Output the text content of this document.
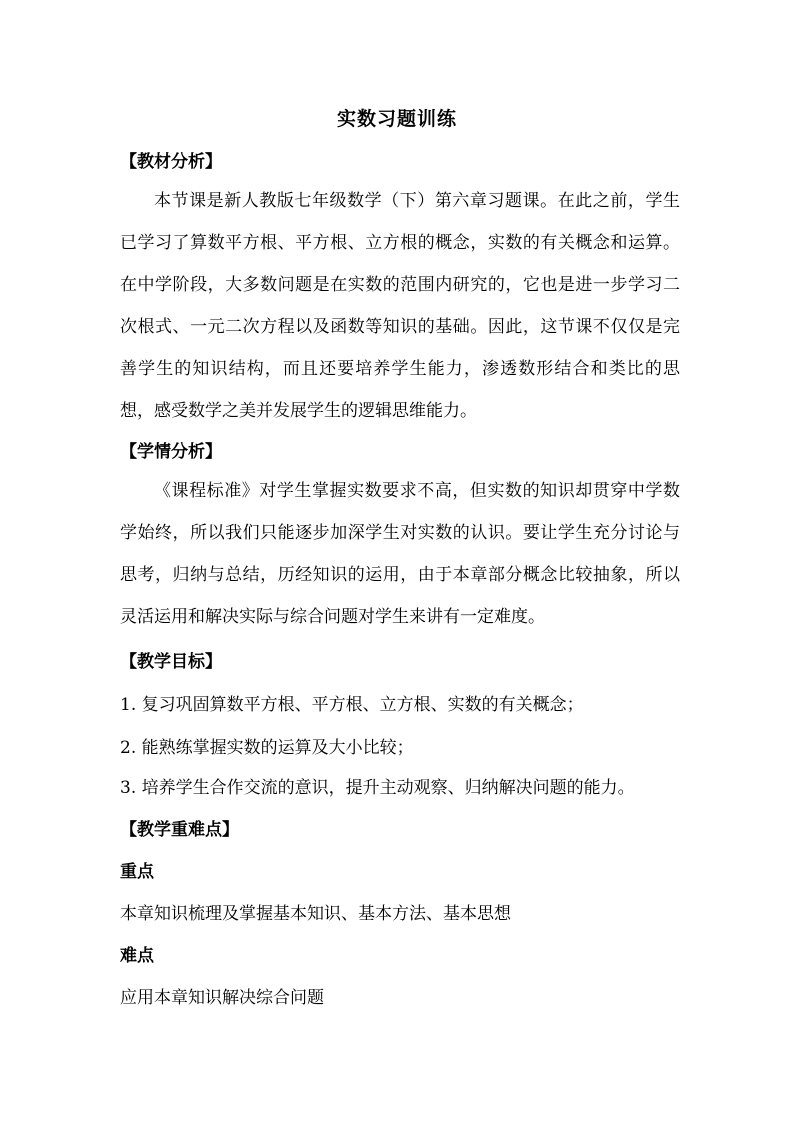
实数习题训练
【教材分析】
本节课是新人教版七年级数学（下）第六章习题课。在此之前，学生已学习了算数平方根、平方根、立方根的概念，实数的有关概念和运算。在中学阶段，大多数问题是在实数的范围内研究的，它也是进一步学习二次根式、一元二次方程以及函数等知识的基础。因此，这节课不仅仅是完善学生的知识结构，而且还要培养学生能力，渗透数形结合和类比的思想，感受数学之美并发展学生的逻辑思维能力。
【学情分析】
《课程标准》对学生掌握实数要求不高，但实数的知识却贯穿中学数学始终，所以我们只能逐步加深学生对实数的认识。要让学生充分讨论与思考，归纳与总结，历经知识的运用，由于本章部分概念比较抽象，所以灵活运用和解决实际与综合问题对学生来讲有一定难度。
【教学目标】
1. 复习巩固算数平方根、平方根、立方根、实数的有关概念；
2. 能熟练掌握实数的运算及大小比较；
3. 培养学生合作交流的意识，提升主动观察、归纳解决问题的能力。
【教学重难点】
重点
本章知识梳理及掌握基本知识、基本方法、基本思想
难点
应用本章知识解决综合问题
